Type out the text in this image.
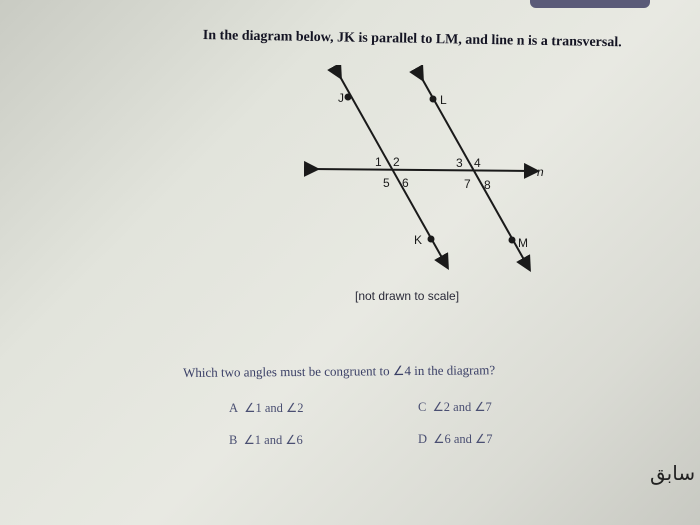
In the diagram below, JK is parallel to LM, and line n is a transversal.
J	L
K	M
n
1 2
5 6
3 4
7 8
[not drawn to scale]
Which two angles must be congruent to ∠4 in the diagram?
A ∠1 and ∠2
B ∠1 and ∠6
C ∠2 and ∠7
D ∠6 and ∠7
سابق
